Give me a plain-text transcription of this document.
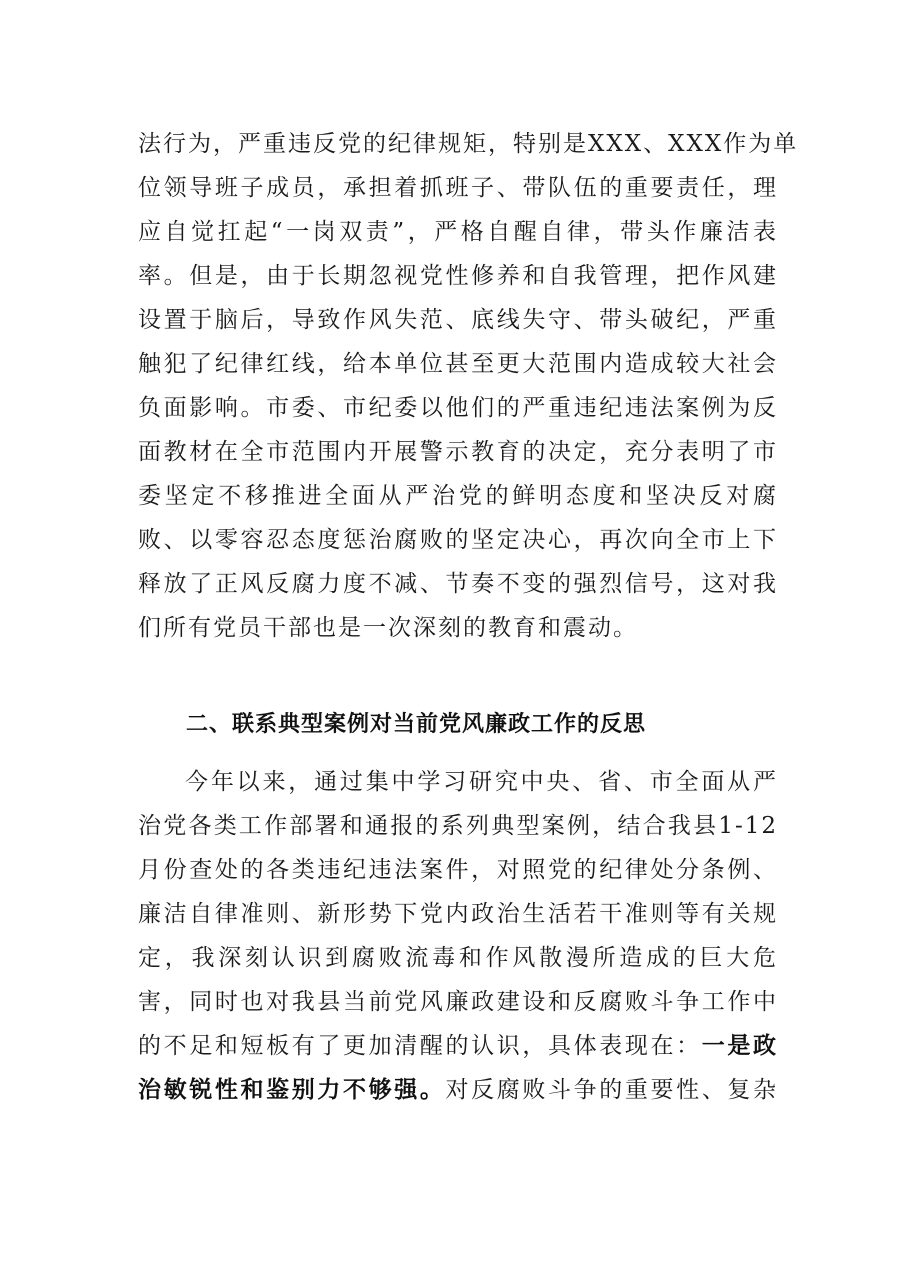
法行为，严重违反党的纪律规矩，特别是XXX、XXX作为单
位领导班子成员，承担着抓班子、带队伍的重要责任，理
应自觉扛起“一岗双责”，严格自醒自律，带头作廉洁表
率。但是，由于长期忽视党性修养和自我管理，把作风建
设置于脑后，导致作风失范、底线失守、带头破纪，严重
触犯了纪律红线，给本单位甚至更大范围内造成较大社会
负面影响。市委、市纪委以他们的严重违纪违法案例为反
面教材在全市范围内开展警示教育的决定，充分表明了市
委坚定不移推进全面从严治党的鲜明态度和坚决反对腐
败、以零容忍态度惩治腐败的坚定决心，再次向全市上下
释放了正风反腐力度不减、节奏不变的强烈信号，这对我
们所有党员干部也是一次深刻的教育和震动。
二、联系典型案例对当前党风廉政工作的反思
今年以来，通过集中学习研究中央、省、市全面从严
治党各类工作部署和通报的系列典型案例，结合我县1-12
月份查处的各类违纪违法案件，对照党的纪律处分条例、
廉洁自律准则、新形势下党内政治生活若干准则等有关规
定，我深刻认识到腐败流毒和作风散漫所造成的巨大危
害，同时也对我县当前党风廉政建设和反腐败斗争工作中
的不足和短板有了更加清醒的认识，具体表现在：一是政
治敏锐性和鉴别力不够强。对反腐败斗争的重要性、复杂
